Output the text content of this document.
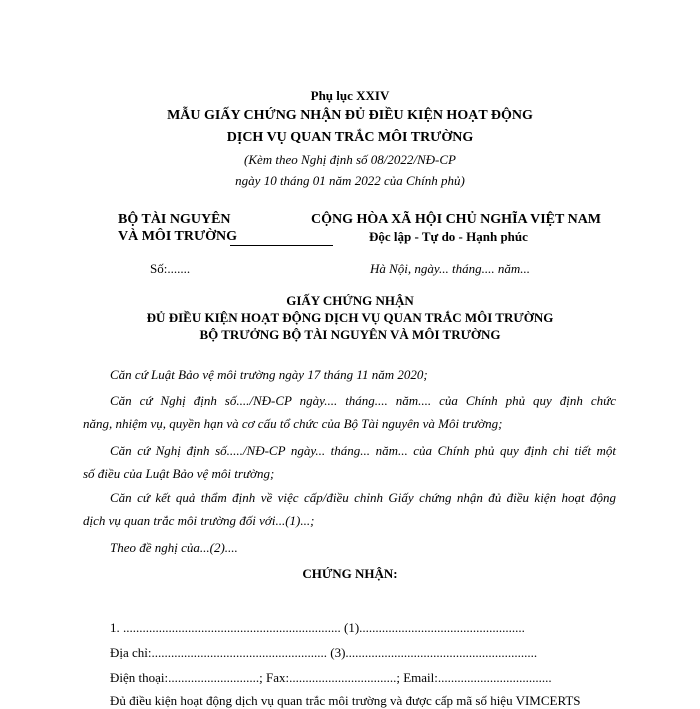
Phụ lục XXIV
MẪU GIẤY CHỨNG NHẬN ĐỦ ĐIỀU KIỆN HOẠT ĐỘNG
DỊCH VỤ QUAN TRẮC MÔI TRƯỜNG
(Kèm theo Nghị định số 08/2022/NĐ-CP
ngày 10 tháng 01 năm 2022 của Chính phủ)
BỘ TÀI NGUYÊN
VÀ MÔI TRƯỜNG
Số:.......
CỘNG HÒA XÃ HỘI CHỦ NGHĨA VIỆT NAM
Độc lập - Tự do - Hạnh phúc
Hà Nội, ngày... tháng.... năm...
GIẤY CHỨNG NHẬN
ĐỦ ĐIỀU KIỆN HOẠT ĐỘNG DỊCH VỤ QUAN TRẮC MÔI TRƯỜNG
BỘ TRƯỞNG BỘ TÀI NGUYÊN VÀ MÔI TRƯỜNG
Căn cứ Luật Bảo vệ môi trường ngày 17 tháng 11 năm 2020;
Căn cứ Nghị định số..../NĐ-CP ngày.... tháng.... năm.... của Chính phủ quy định chức
năng, nhiệm vụ, quyền hạn và cơ cấu tổ chức của Bộ Tài nguyên và Môi trường;
Căn cứ Nghị định số...../NĐ-CP ngày... tháng... năm... của Chính phủ quy định chi tiết một
số điều của Luật Bảo vệ môi trường;
Căn cứ kết quả thẩm định về việc cấp/điều chỉnh Giấy chứng nhận đủ điều kiện hoạt động
dịch vụ quan trắc môi trường đối với...(1)...;
Theo đề nghị của...(2)....
CHỨNG NHẬN:
1. ................................................................... (1)...................................................
Địa chỉ:...................................................... (3)...........................................................
Điện thoại:............................; Fax:.................................; Email:...................................
Đủ điều kiện hoạt động dịch vụ quan trắc môi trường và được cấp mã số hiệu VIMCERTS
